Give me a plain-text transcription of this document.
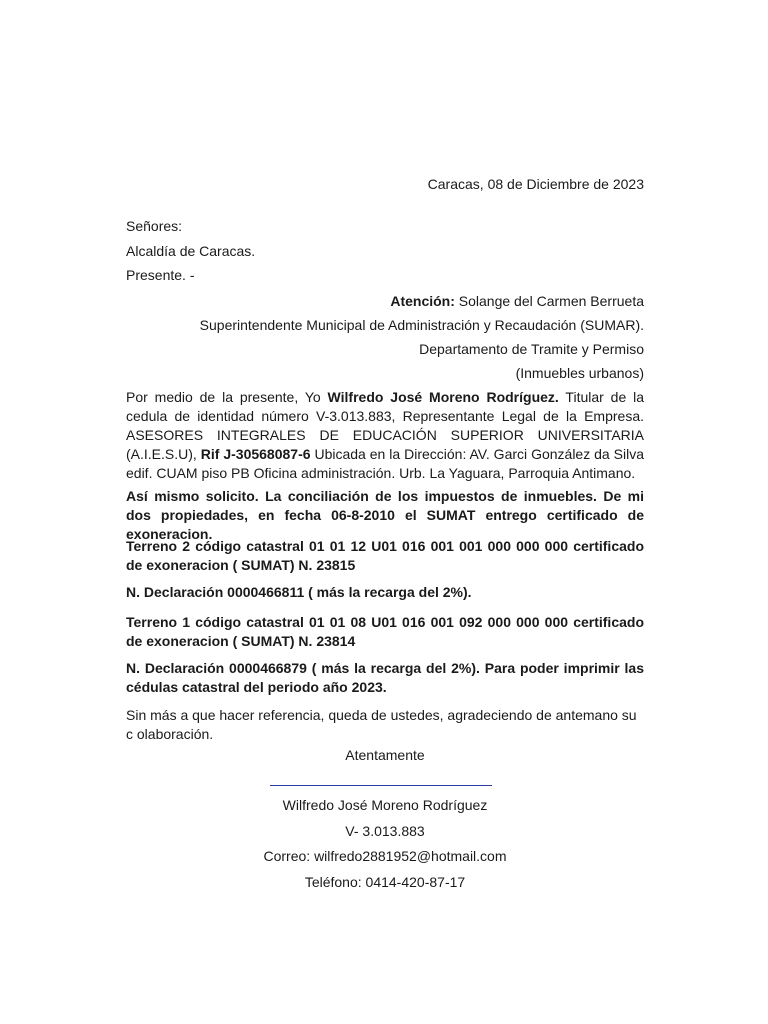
Caracas, 08 de Diciembre de 2023
Señores:
Alcaldía de Caracas.
Presente. -
Atención: Solange del Carmen Berrueta
Superintendente Municipal de Administración y Recaudación (SUMAR).
Departamento de Tramite y Permiso
(Inmuebles urbanos)
Por medio de la presente, Yo Wilfredo José Moreno Rodríguez. Titular de la cedula de identidad número V-3.013.883, Representante Legal de la Empresa. ASESORES INTEGRALES DE EDUCACIÓN SUPERIOR UNIVERSITARIA (A.I.E.S.U), Rif J-30568087-6 Ubicada en la Dirección: AV. Garci González da Silva edif. CUAM piso PB Oficina administración. Urb. La Yaguara, Parroquia Antimano.
Así mismo solicito. La conciliación de los impuestos de inmuebles. De mi dos propiedades, en fecha 06-8-2010 el SUMAT entrego certificado de exoneracion.
Terreno 2 código catastral 01 01 12 U01 016 001 001 000 000 000 certificado de exoneracion ( SUMAT) N. 23815
N. Declaración 0000466811 ( más la recarga del 2%).
Terreno 1 código catastral 01 01 08 U01 016 001 092 000 000 000 certificado de exoneracion ( SUMAT) N. 23814
N. Declaración 0000466879 ( más la recarga del 2%). Para poder imprimir las cédulas catastral del periodo año 2023.
Sin más a que hacer referencia, queda de ustedes, agradeciendo de antemano su c olaboración.
Atentamente
Wilfredo José Moreno Rodríguez
V- 3.013.883
Correo: wilfredo2881952@hotmail.com
Teléfono: 0414-420-87-17
